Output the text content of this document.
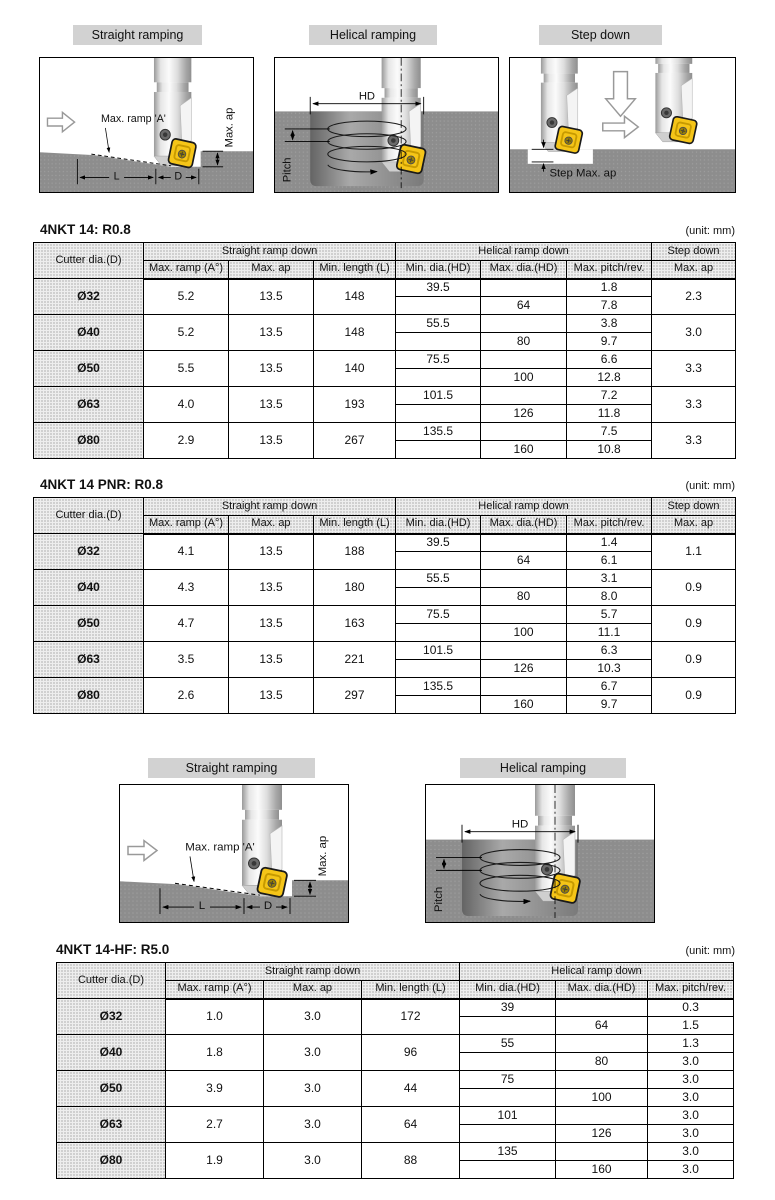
Straight ramping	Helical ramping	Step down
Max. ramp 'A'	Max. ap
L	D
HD
Pitch	Step Max. ap
4NKT 14: R0.8	(unit: mm)
Cutter dia.(D)	Straight ramp down			Helical ramp down			Step down
	Max. ramp (A°)	Max. ap	Min. length (L)	Min. dia.(HD)	Max. dia.(HD)	Max. pitch/rev.	Max. ap
Ø32	5.2	13.5	148	39.5		1.8	2.3
					64	7.8	
Ø40	5.2	13.5	148	55.5		3.8	3.0
					80	9.7	
Ø50	5.5	13.5	140	75.5		6.6	3.3
					100	12.8	
Ø63	4.0	13.5	193	101.5		7.2	3.3
					126	11.8	
Ø80	2.9	13.5	267	135.5		7.5	3.3
					160	10.8	
4NKT 14 PNR: R0.8	(unit: mm)
Cutter dia.(D)	Straight ramp down			Helical ramp down			Step down
	Max. ramp (A°)	Max. ap	Min. length (L)	Min. dia.(HD)	Max. dia.(HD)	Max. pitch/rev.	Max. ap
Ø32	4.1	13.5	188	39.5		1.4	1.1
					64	6.1	
Ø40	4.3	13.5	180	55.5		3.1	0.9
					80	8.0	
Ø50	4.7	13.5	163	75.5		5.7	0.9
					100	11.1	
Ø63	3.5	13.5	221	101.5		6.3	0.9
					126	10.3	
Ø80	2.6	13.5	297	135.5		6.7	0.9
					160	9.7	
Straight ramping	Helical ramping
Max. ramp 'A'	Max. ap
L	D
HD
Pitch
4NKT 14-HF: R5.0	(unit: mm)
Cutter dia.(D)	Straight ramp down			Helical ramp down		
	Max. ramp (A°)	Max. ap	Min. length (L)	Min. dia.(HD)	Max. dia.(HD)	Max. pitch/rev.
Ø32	1.0	3.0	172	39		0.3
					64	1.5
Ø40	1.8	3.0	96	55		1.3
					80	3.0
Ø50	3.9	3.0	44	75		3.0
					100	3.0
Ø63	2.7	3.0	64	101		3.0
					126	3.0
Ø80	1.9	3.0	88	135		3.0
					160	3.0
